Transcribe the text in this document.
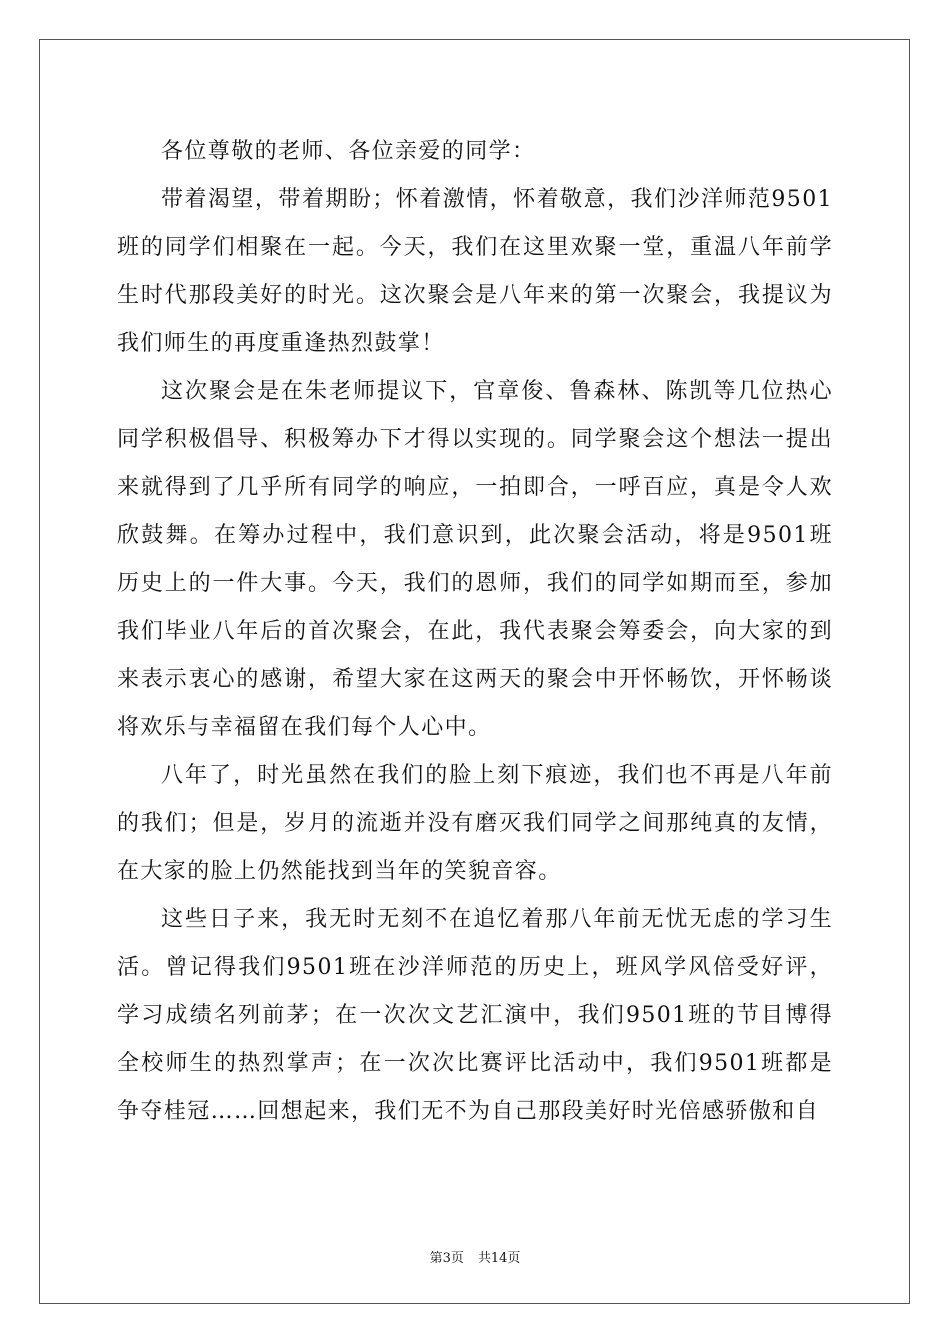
各位尊敬的老师、各位亲爱的同学：

带着渴望，带着期盼；怀着激情，怀着敬意，我们沙洋师范9501班的同学们相聚在一起。今天，我们在这里欢聚一堂，重温八年前学生时代那段美好的时光。这次聚会是八年来的第一次聚会，我提议为我们师生的再度重逢热烈鼓掌！

这次聚会是在朱老师提议下，官章俊、鲁森林、陈凯等几位热心同学积极倡导、积极筹办下才得以实现的。同学聚会这个想法一提出来就得到了几乎所有同学的响应，一拍即合，一呼百应，真是令人欢欣鼓舞。在筹办过程中，我们意识到，此次聚会活动，将是9501班历史上的一件大事。今天，我们的恩师，我们的同学如期而至，参加我们毕业八年后的首次聚会，在此，我代表聚会筹委会，向大家的到来表示衷心的感谢，希望大家在这两天的聚会中开怀畅饮，开怀畅谈将欢乐与幸福留在我们每个人心中。

八年了，时光虽然在我们的脸上刻下痕迹，我们也不再是八年前的我们；但是，岁月的流逝并没有磨灭我们同学之间那纯真的友情，在大家的脸上仍然能找到当年的笑貌音容。

这些日子来，我无时无刻不在追忆着那八年前无忧无虑的学习生活。曾记得我们9501班在沙洋师范的历史上，班风学风倍受好评，学习成绩名列前茅；在一次次文艺汇演中，我们9501班的节目博得全校师生的热烈掌声；在一次次比赛评比活动中，我们9501班都是争夺桂冠……回想起来，我们无不为自己那段美好时光倍感骄傲和自

第3页 共14页
